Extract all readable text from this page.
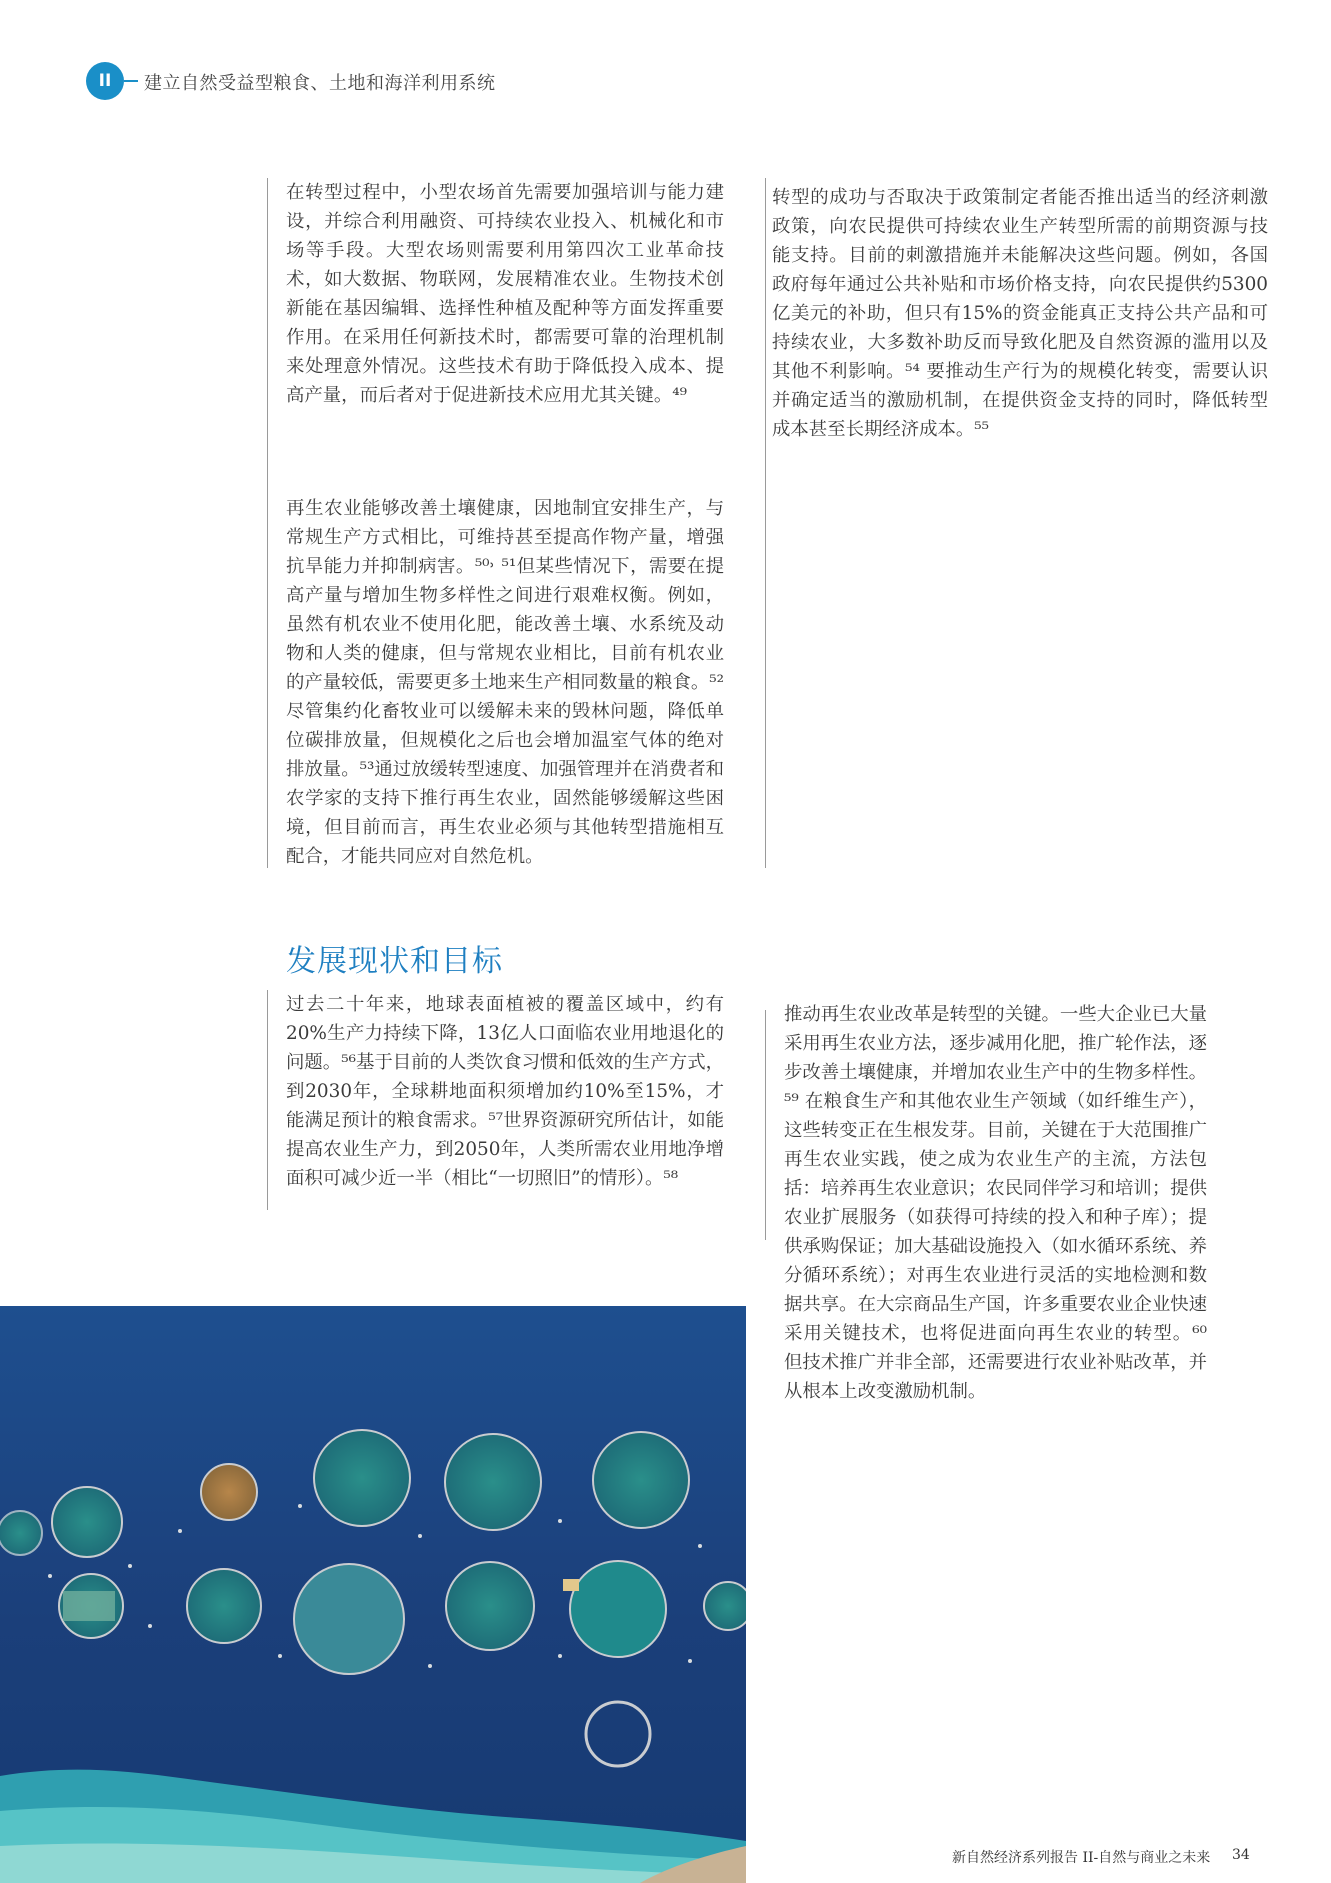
II	建立自然受益型粮食、土地和海洋利用系统

在转型过程中，小型农场首先需要加强培训与能力建设，并综合利用融资、可持续农业投入、机械化和市场等手段。大型农场则需要利用第四次工业革命技术，如大数据、物联网，发展精准农业。生物技术创新能在基因编辑、选择性种植及配种等方面发挥重要作用。在采用任何新技术时，都需要可靠的治理机制来处理意外情况。这些技术有助于降低投入成本、提高产量，而后者对于促进新技术应用尤其关键。⁴⁹

再生农业能够改善土壤健康，因地制宜安排生产，与常规生产方式相比，可维持甚至提高作物产量，增强抗旱能力并抑制病害。⁵⁰˒ ⁵¹但某些情况下，需要在提高产量与增加生物多样性之间进行艰难权衡。例如，虽然有机农业不使用化肥，能改善土壤、水系统及动物和人类的健康，但与常规农业相比，目前有机农业的产量较低，需要更多土地来生产相同数量的粮食。⁵²尽管集约化畜牧业可以缓解未来的毁林问题，降低单位碳排放量，但规模化之后也会增加温室气体的绝对排放量。⁵³通过放缓转型速度、加强管理并在消费者和农学家的支持下推行再生农业，固然能够缓解这些困境，但目前而言，再生农业必须与其他转型措施相互配合，才能共同应对自然危机。

发展现状和目标

过去二十年来，地球表面植被的覆盖区域中，约有20%生产力持续下降，13亿人口面临农业用地退化的问题。⁵⁶基于目前的人类饮食习惯和低效的生产方式，到2030年，全球耕地面积须增加约10%至15%，才能满足预计的粮食需求。⁵⁷世界资源研究所估计，如能提高农业生产力，到2050年，人类所需农业用地净增面积可减少近一半（相比“一切照旧”的情形）。⁵⁸

转型的成功与否取决于政策制定者能否推出适当的经济刺激政策，向农民提供可持续农业生产转型所需的前期资源与技能支持。目前的刺激措施并未能解决这些问题。例如，各国政府每年通过公共补贴和市场价格支持，向农民提供约5300亿美元的补助，但只有15%的资金能真正支持公共产品和可持续农业，大多数补助反而导致化肥及自然资源的滥用以及其他不利影响。⁵⁴ 要推动生产行为的规模化转变，需要认识并确定适当的激励机制，在提供资金支持的同时，降低转型成本甚至长期经济成本。⁵⁵

推动再生农业改革是转型的关键。一些大企业已大量采用再生农业方法，逐步减用化肥，推广轮作法，逐步改善土壤健康，并增加农业生产中的生物多样性。⁵⁹ 在粮食生产和其他农业生产领域（如纤维生产），这些转变正在生根发芽。目前，关键在于大范围推广再生农业实践，使之成为农业生产的主流，方法包括：培养再生农业意识；农民同伴学习和培训；提供农业扩展服务（如获得可持续的投入和种子库）；提供承购保证；加大基础设施投入（如水循环系统、养分循环系统）；对再生农业进行灵活的实地检测和数据共享。在大宗商品生产国，许多重要农业企业快速采用关键技术，也将促进面向再生农业的转型。⁶⁰ 但技术推广并非全部，还需要进行农业补贴改革，并从根本上改变激励机制。

新自然经济系列报告 II-自然与商业之未来 34
